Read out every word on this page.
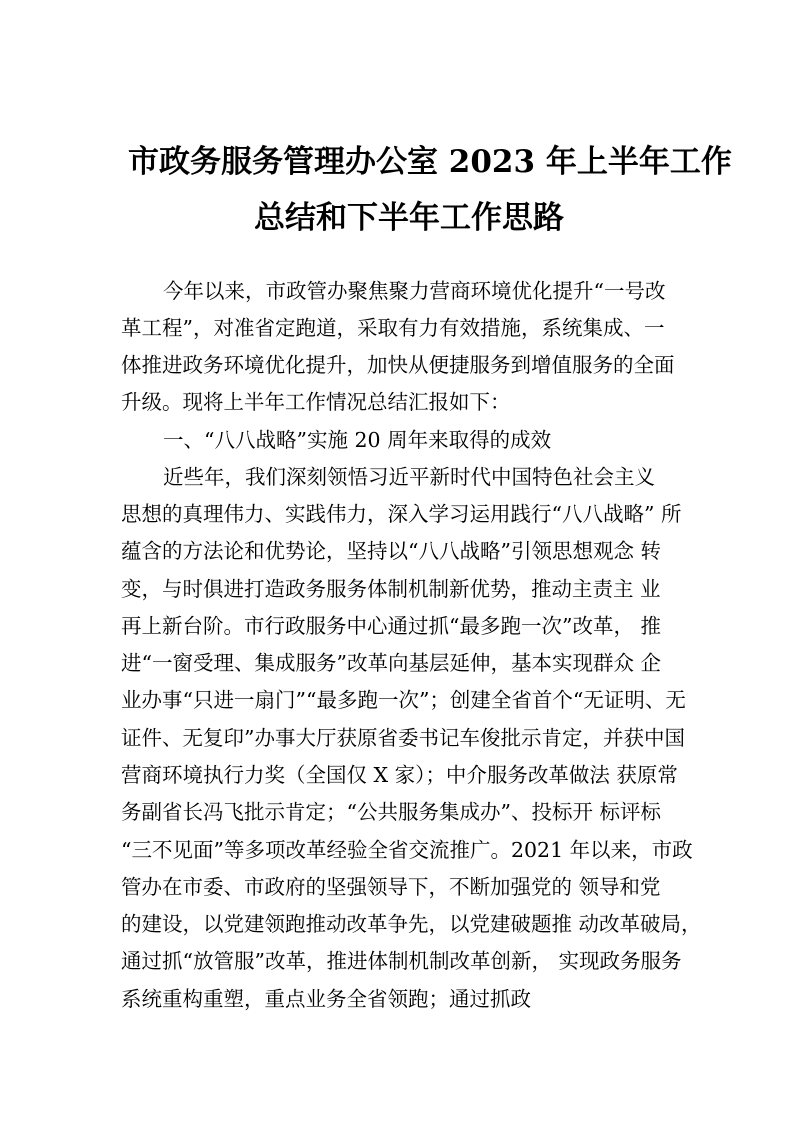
市政务服务管理办公室 2023 年上半年工作
总结和下半年工作思路
今年以来，市政管办聚焦聚力营商环境优化提升“一号改
革工程”，对准省定跑道，采取有力有效措施，系统集成、一
体推进政务环境优化提升，加快从便捷服务到增值服务的全面
升级。现将上半年工作情况总结汇报如下：
一、“八八战略”实施 20 周年来取得的成效
近些年，我们深刻领悟习近平新时代中国特色社会主义
思想的真理伟力、实践伟力，深入学习运用践行“八八战略” 所
蕴含的方法论和优势论，坚持以“八八战略”引领思想观念 转
变，与时俱进打造政务服务体制机制新优势，推动主责主 业
再上新台阶。市行政服务中心通过抓“最多跑一次”改革， 推
进“一窗受理、集成服务”改革向基层延伸，基本实现群众 企
业办事“只进一扇门”“最多跑一次”；创建全省首个“无证明、无
证件、无复印”办事大厅获原省委书记车俊批示肯定，并获中国
营商环境执行力奖（全国仅 X 家）；中介服务改革做法 获原常
务副省长冯飞批示肯定；“公共服务集成办”、投标开 标评标
“三不见面”等多项改革经验全省交流推广。2021 年以来，市政
管办在市委、市政府的坚强领导下，不断加强党的 领导和党
的建设，以党建领跑推动改革争先，以党建破题推 动改革破局，
通过抓“放管服”改革，推进体制机制改革创新， 实现政务服务
系统重构重塑，重点业务全省领跑；通过抓政
